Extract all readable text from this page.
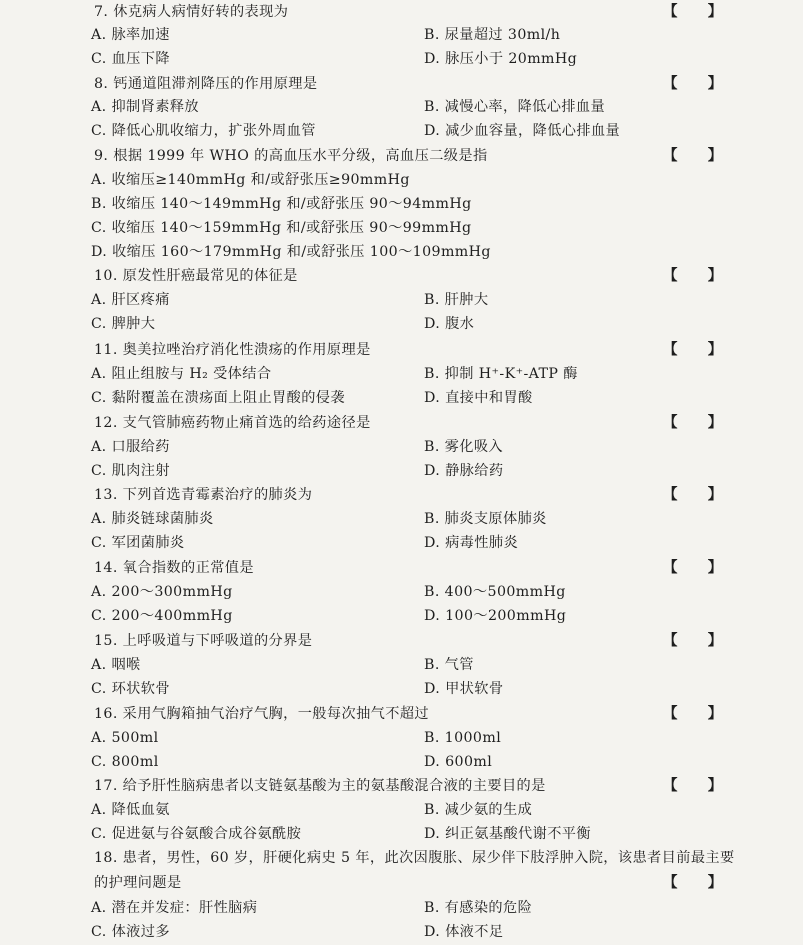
7. 休克病人病情好转的表现为	【      】
A. 脉率加速	B. 尿量超过 30ml/h
C. 血压下降	D. 脉压小于 20mmHg
8. 钙通道阻滞剂降压的作用原理是	【      】
A. 抑制肾素释放	B. 减慢心率，降低心排血量
C. 降低心肌收缩力，扩张外周血管	D. 减少血容量，降低心排血量
9. 根据 1999 年 WHO 的高血压水平分级，高血压二级是指	【      】
A. 收缩压≥140mmHg 和/或舒张压≥90mmHg
B. 收缩压 140～149mmHg 和/或舒张压 90～94mmHg
C. 收缩压 140～159mmHg 和/或舒张压 90～99mmHg
D. 收缩压 160～179mmHg 和/或舒张压 100～109mmHg
10. 原发性肝癌最常见的体征是	【      】
A. 肝区疼痛	B. 肝肿大
C. 脾肿大	D. 腹水
11. 奥美拉唑治疗消化性溃疡的作用原理是	【      】
A. 阻止组胺与 H₂ 受体结合	B. 抑制 H⁺-K⁺-ATP 酶
C. 黏附覆盖在溃疡面上阻止胃酸的侵袭	D. 直接中和胃酸
12. 支气管肺癌药物止痛首选的给药途径是	【      】
A. 口服给药	B. 雾化吸入
C. 肌肉注射	D. 静脉给药
13. 下列首选青霉素治疗的肺炎为	【      】
A. 肺炎链球菌肺炎	B. 肺炎支原体肺炎
C. 军团菌肺炎	D. 病毒性肺炎
14. 氧合指数的正常值是	【      】
A. 200～300mmHg	B. 400～500mmHg
C. 200～400mmHg	D. 100～200mmHg
15. 上呼吸道与下呼吸道的分界是	【      】
A. 咽喉	B. 气管
C. 环状软骨	D. 甲状软骨
16. 采用气胸箱抽气治疗气胸，一般每次抽气不超过	【      】
A. 500ml	B. 1000ml
C. 800ml	D. 600ml
17. 给予肝性脑病患者以支链氨基酸为主的氨基酸混合液的主要目的是	【      】
A. 降低血氨	B. 减少氨的生成
C. 促进氨与谷氨酸合成谷氨酰胺	D. 纠正氨基酸代谢不平衡
18. 患者，男性，60 岁，肝硬化病史 5 年，此次因腹胀、尿少伴下肢浮肿入院，该患者目前最主要
的护理问题是	【      】
A. 潜在并发症：肝性脑病	B. 有感染的危险
C. 体液过多	D. 体液不足
